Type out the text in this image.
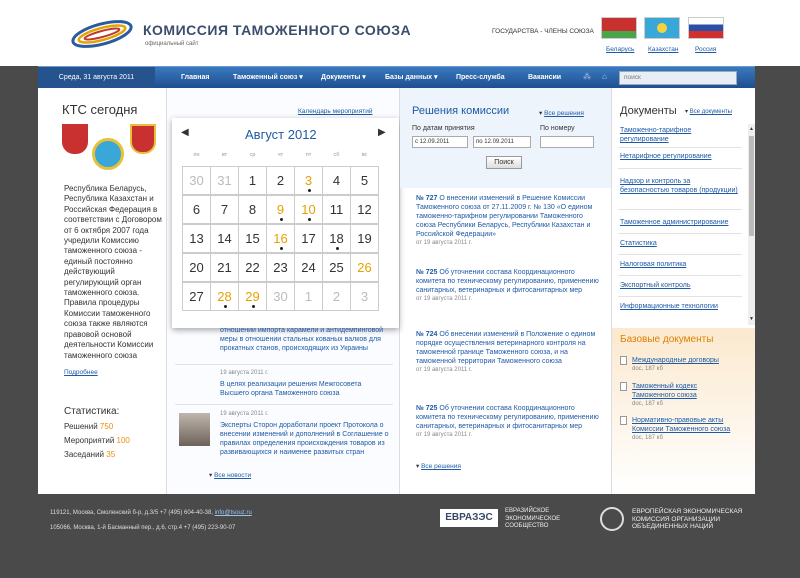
КОМИССИЯ ТАМОЖЕННОГО СОЮЗА
официальный сайт
ГОСУДАРСТВА - ЧЛЕНЫ СОЮЗА
Беларусь Казахстан	Россия
Среда, 31 августа 2011	Главная	Таможенный союз ▾	Документы ▾	Базы данных ▾	Пресс-служба	Вакансии	⁂ ⌂	поиск
КТС сегодня
Республика Беларусь, Республика Казахстан и Российская Федерация в соответствии с Договором от 6 октября 2007 года учредили Комиссию таможенного союза - единый постоянно действующий регулирующий орган таможенного союза. Правила процедуры Комиссии таможенного союза также являются правовой основой деятельности Комиссии таможенного союза
Подробнее
Статистика:
Решений 750
Мероприятий 100
Заседаний 35
Календарь мероприятий
◀	Август 2012	▶
пн	вт	ср	чт	пт	сб	вс
30	31	1	2	3	4	5
6	7	8	9	10	11	12
13	14	15	16	17	18	19
20	21	22	23	24	25	26
27	28	29	30	1	2	3
отношении импорта карамели и антидемпинговой меры в отношении стальных кованых валков для прокатных станов, происходящих из Украины
19 августа 2011 г.
В целях реализации решения Межгосовета Высшего органа Таможенного союза
19 августа 2011 г.
Эксперты Сторон доработали проект Протокола о внесении изменений и дополнений в Соглашение о правилах определения происхождения товаров из развивающихся и наименее развитых стран
▾ Все новости
Решения комиссии	▾ Все решения
По датам принятия	По номеру
с 12.09.2011	по 12.09.2011
Поиск
№ 727 О внесении изменений в Решение Комиссии Таможенного союза от 27.11.2009 г. № 130 «О едином таможенно-тарифном регулировании Таможенного союза Республики Беларусь, Республики Казахстан и Российской Федерации»
от 19 августа 2011 г.
№ 725 Об уточнении состава Координационного комитета по техническому регулированию, применению санитарных, ветеринарных и фитосанитарных мер
от 19 августа 2011 г.
№ 724 Об внесении изменений в Положение о едином порядке осуществления ветеринарного контроля на таможенной границе Таможенного союза, и на таможенной территории Таможенного союза
от 19 августа 2011 г.
№ 725 Об уточнении состава Координационного комитета по техническому регулированию, применению санитарных, ветеринарных и фитосанитарных мер
от 19 августа 2011 г.
▾ Все решения
Документы ▾ Все документы
Таможенно-тарифное регулирование
Нетарифное регулирование
Надзор и контроль за безопасностью товаров (продукции)
Таможенное администрирование
Статистика
Налоговая политика
Экспортный контроль
Информационные технологии
▲
▼
Базовые документы
Международные договоры
doc, 187 кб
Таможенный кодекс Таможенного союза
doc, 187 кб
Нормативно-правовые акты Комиссии Таможенного союза
doc, 187 кб
119121, Москва, Смоленский б-р, д.3/5 +7 (495) 604-40-38, info@tsouz.ru
105066, Москва, 1-й Басманный пер., д.6, стр.4 +7 (495) 223-90-07
ЕВРАЗЭС
ЕВРАЗИЙСКОЕ ЭКОНОМИЧЕСКОЕ СООБЩЕСТВО
ЕВРОПЕЙСКАЯ ЭКОНОМИЧЕСКАЯ КОМИССИЯ ОРГАНИЗАЦИИ ОБЪЕДИНЕННЫХ НАЦИЙ
